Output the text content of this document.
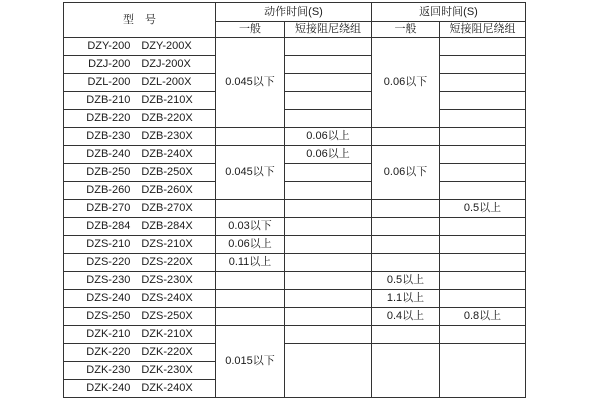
型　号	动作时间(S)		返回时间(S)	
	一般	短接阻尼绕组	一般	短接阻尼绕组

DZY-200 DZY-200X	0.045以下		0.06以下	

DZJ-200 DZJ-200X				

DZL-200 DZL-200X				

DZB-210 DZB-210X				

DZB-220 DZB-220X				

DZB-230 DZB-230X		0.06以上		

DZB-240 DZB-240X	0.045以下	0.06以上	0.06以下	

DZB-250 DZB-250X				

DZB-260 DZB-260X				

DZB-270 DZB-270X				0.5以上

DZB-284 DZB-284X	0.03以下			

DZS-210 DZS-210X	0.06以上			

DZS-220 DZS-220X	0.11以上			

DZS-230 DZS-230X			0.5以上	

DZS-240 DZS-240X			1.1以上	

DZS-250 DZS-250X			0.4以上	0.8以上

DZK-210 DZK-210X	0.015以下			

DZK-220 DZK-220X				

DZK-230 DZK-230X				

DZK-240 DZK-240X				
